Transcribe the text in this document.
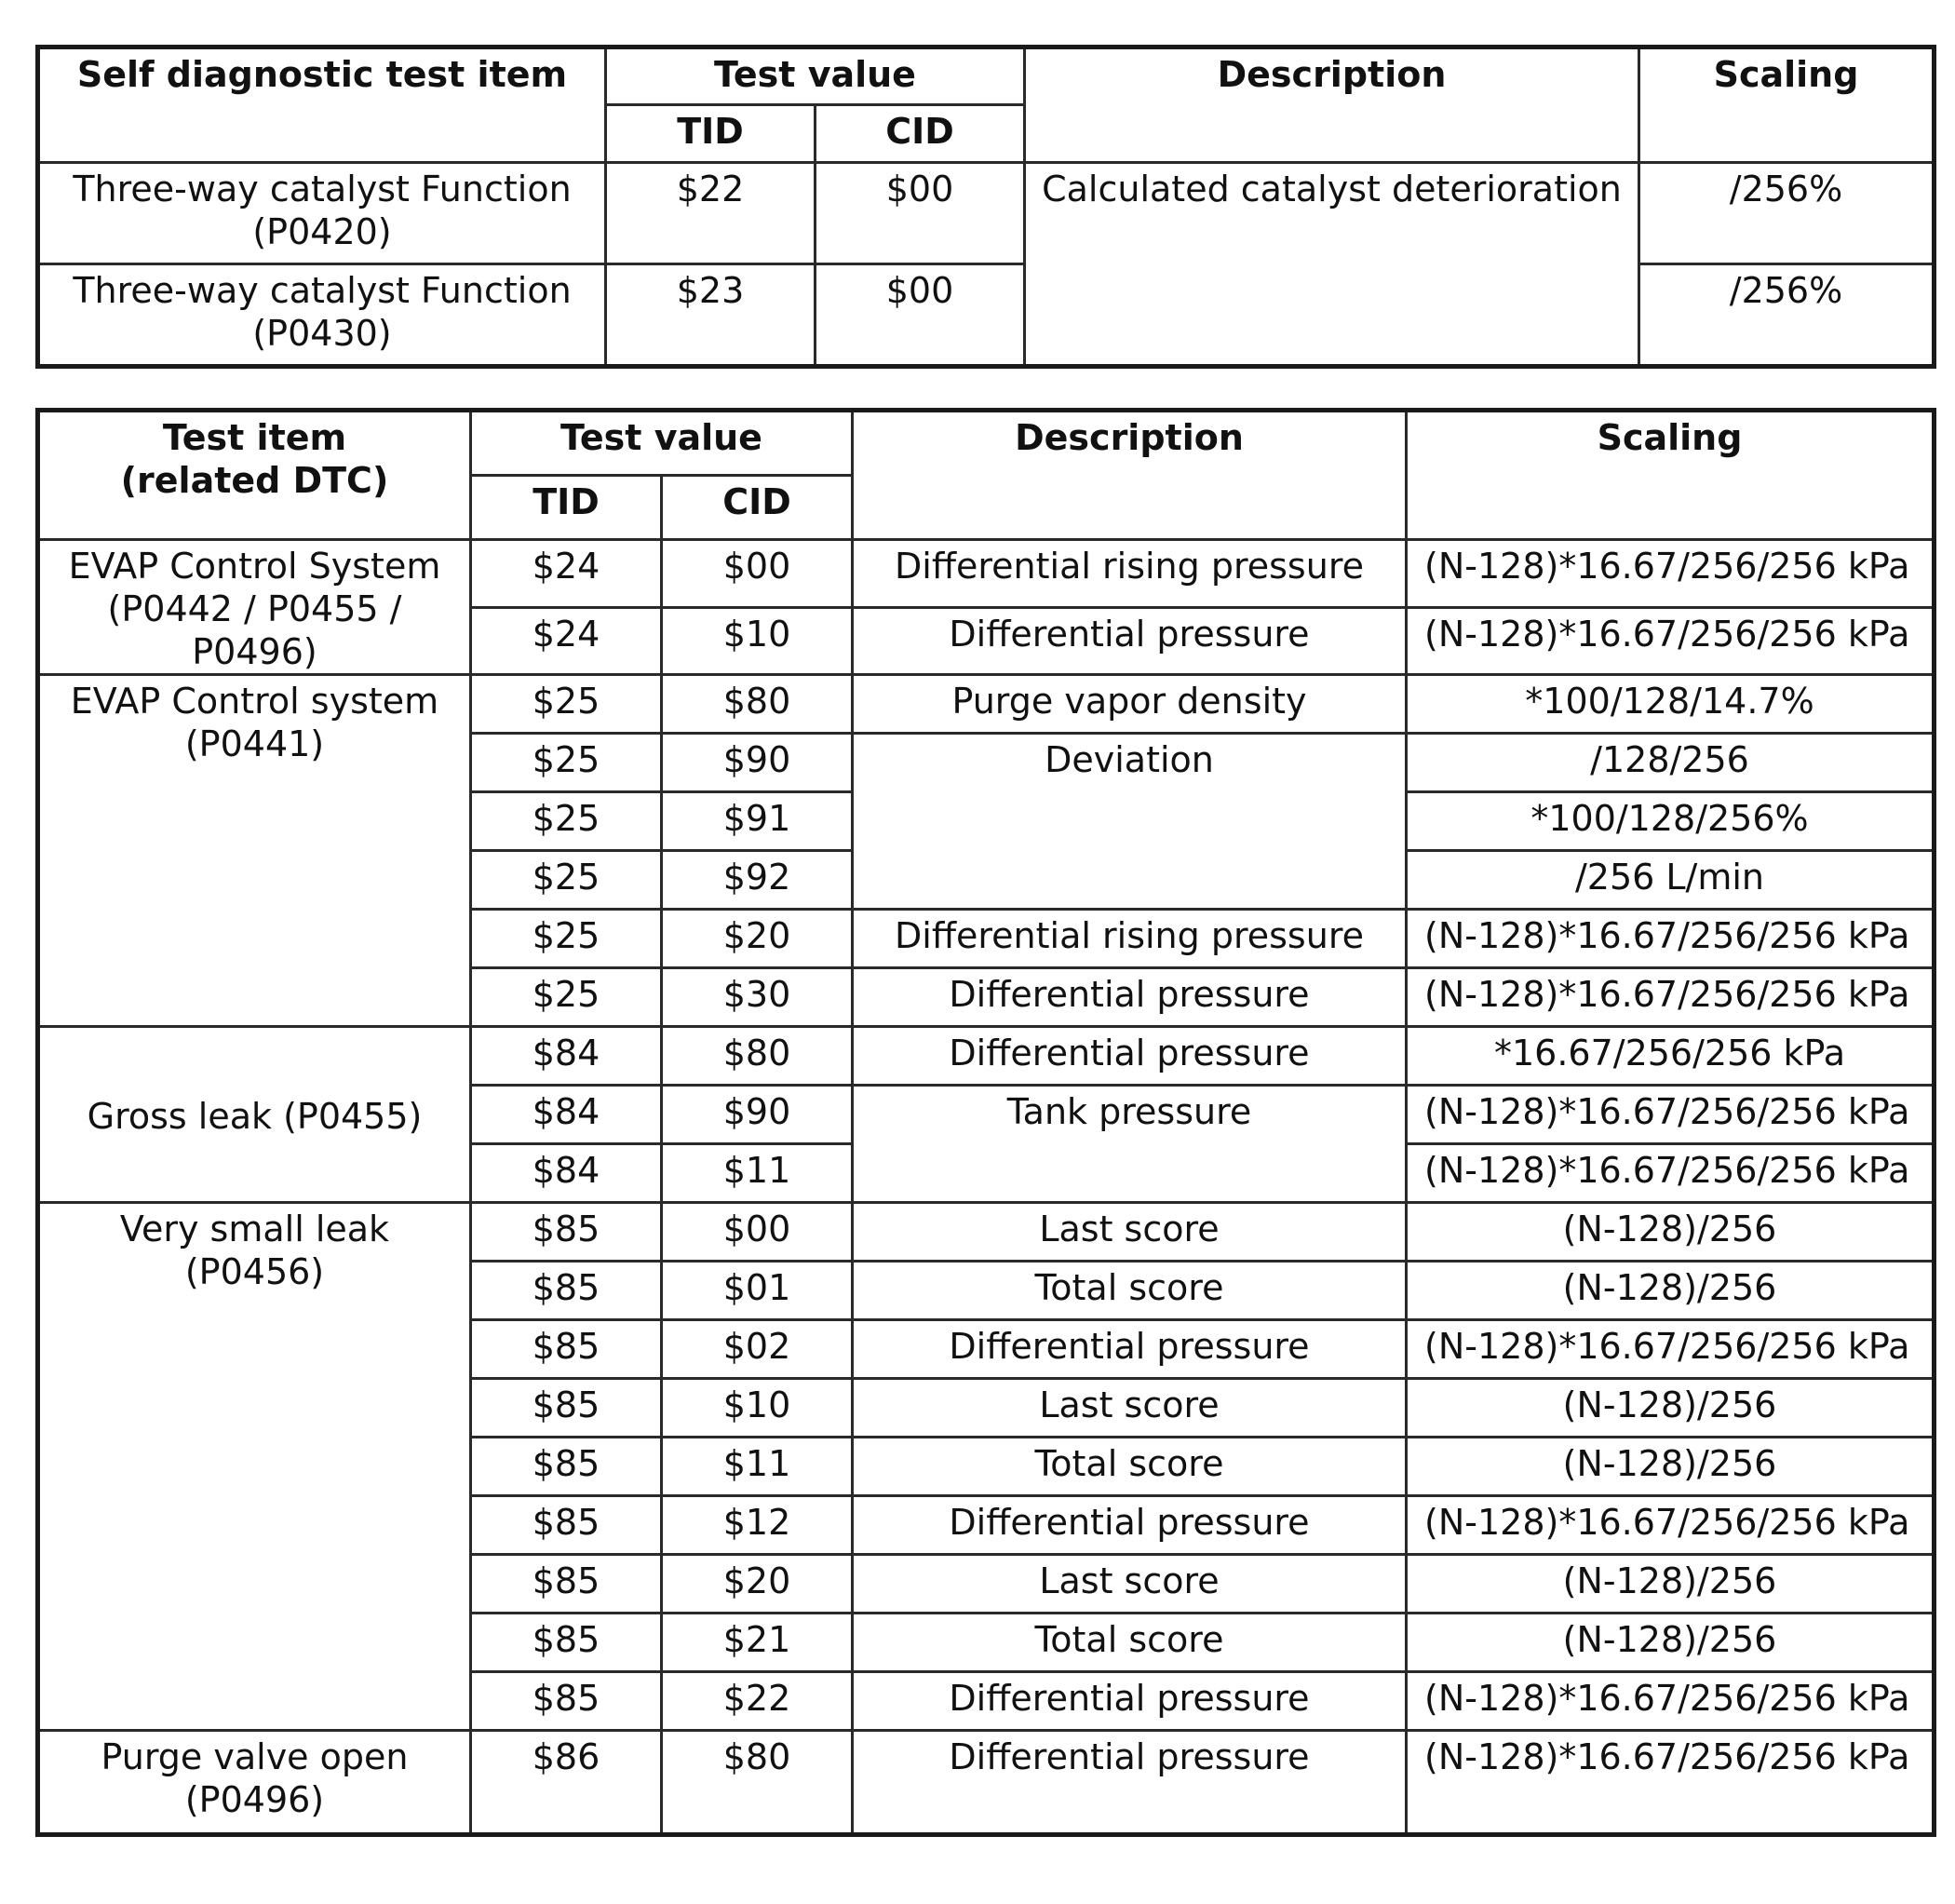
Self diagnostic test item	Test value		Description	Scaling
	TID	CID		
Three-way catalyst Function (P0420)	$22	$00	Calculated catalyst deterioration	/256%
Three-way catalyst Function (P0430)	$23	$00		/256%
Test item
(related DTC)	Test value		Description	Scaling
	TID	CID		
EVAP Control System (P0442 / P0455 / P0496)	$24	$00	Differential rising pressure	(N-128)*16.67/256/256 kPa
	$24	$10	Differential pressure	(N-128)*16.67/256/256 kPa
EVAP Control system (P0441)	$25	$80	Purge vapor density	*100/128/14.7%
	$25	$90	Deviation	/128/256
	$25	$91		*100/128/256%
	$25	$92		/256 L/min
	$25	$20	Differential rising pressure	(N-128)*16.67/256/256 kPa
	$25	$30	Differential pressure	(N-128)*16.67/256/256 kPa
Gross leak (P0455)	$84	$80	Differential pressure	*16.67/256/256 kPa
	$84	$90	Tank pressure	(N-128)*16.67/256/256 kPa
	$84	$11		(N-128)*16.67/256/256 kPa
Very small leak (P0456)	$85	$00	Last score	(N-128)/256
	$85	$01	Total score	(N-128)/256
	$85	$02	Differential pressure	(N-128)*16.67/256/256 kPa
	$85	$10	Last score	(N-128)/256
	$85	$11	Total score	(N-128)/256
	$85	$12	Differential pressure	(N-128)*16.67/256/256 kPa
	$85	$20	Last score	(N-128)/256
	$85	$21	Total score	(N-128)/256
	$85	$22	Differential pressure	(N-128)*16.67/256/256 kPa
Purge valve open (P0496)	$86	$80	Differential pressure	(N-128)*16.67/256/256 kPa
